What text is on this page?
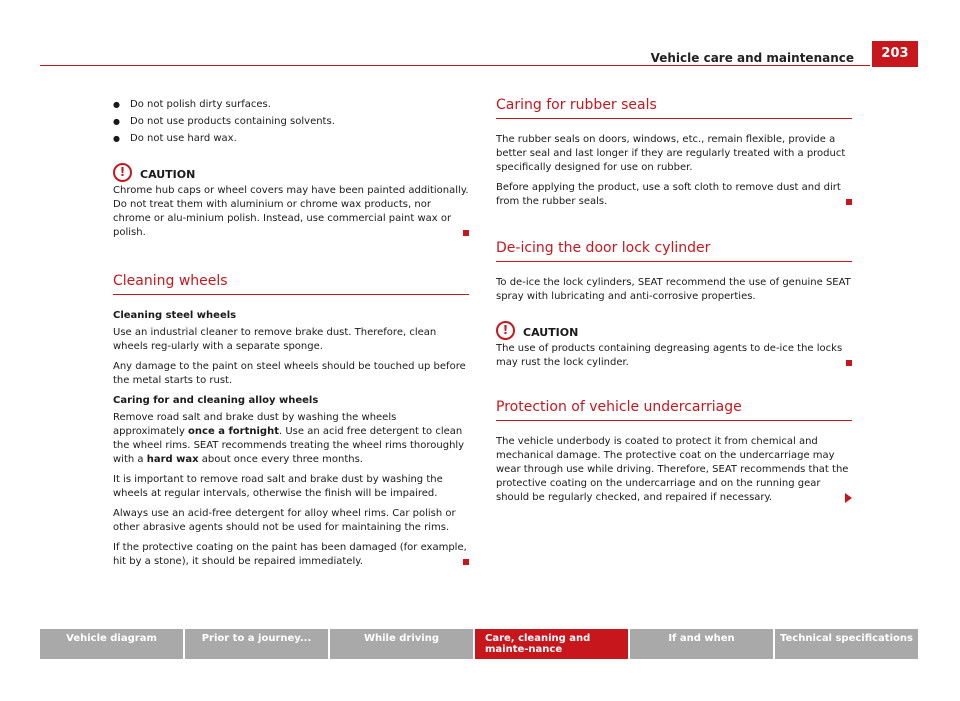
Vehicle care and maintenance	203
● Do not polish dirty surfaces.
● Do not use products containing solvents.
● Do not use hard wax.
!	CAUTION
Chrome hub caps or wheel covers may have been painted additionally. Do not treat them with aluminium or chrome wax products, nor chrome or alu-minium polish. Instead, use commercial paint wax or polish.
Cleaning wheels
Cleaning steel wheels
Use an industrial cleaner to remove brake dust. Therefore, clean wheels reg-ularly with a separate sponge.
Any damage to the paint on steel wheels should be touched up before the metal starts to rust.
Caring for and cleaning alloy wheels
Remove road salt and brake dust by washing the wheels approximately once a fortnight. Use an acid free detergent to clean the wheel rims. SEAT recommends treating the wheel rims thoroughly with a hard wax about once every three months.
It is important to remove road salt and brake dust by washing the wheels at regular intervals, otherwise the finish will be impaired.
Always use an acid-free detergent for alloy wheel rims. Car polish or other abrasive agents should not be used for maintaining the rims.
If the protective coating on the paint has been damaged (for example, hit by a stone), it should be repaired immediately.
Caring for rubber seals
The rubber seals on doors, windows, etc., remain flexible, provide a better seal and last longer if they are regularly treated with a product specifically designed for use on rubber.
Before applying the product, use a soft cloth to remove dust and dirt from the rubber seals.
De-icing the door lock cylinder
To de-ice the lock cylinders, SEAT recommend the use of genuine SEAT spray with lubricating and anti-corrosive properties.
!	CAUTION
The use of products containing degreasing agents to de-ice the locks may rust the lock cylinder.
Protection of vehicle undercarriage
The vehicle underbody is coated to protect it from chemical and mechanical damage. The protective coat on the undercarriage may wear through use while driving. Therefore, SEAT recommends that the protective coating on the undercarriage and on the running gear should be regularly checked, and repaired if necessary.
Vehicle diagram	Prior to a journey...	While driving	Care, cleaning and mainte-nance
If and when	Technical specifications
